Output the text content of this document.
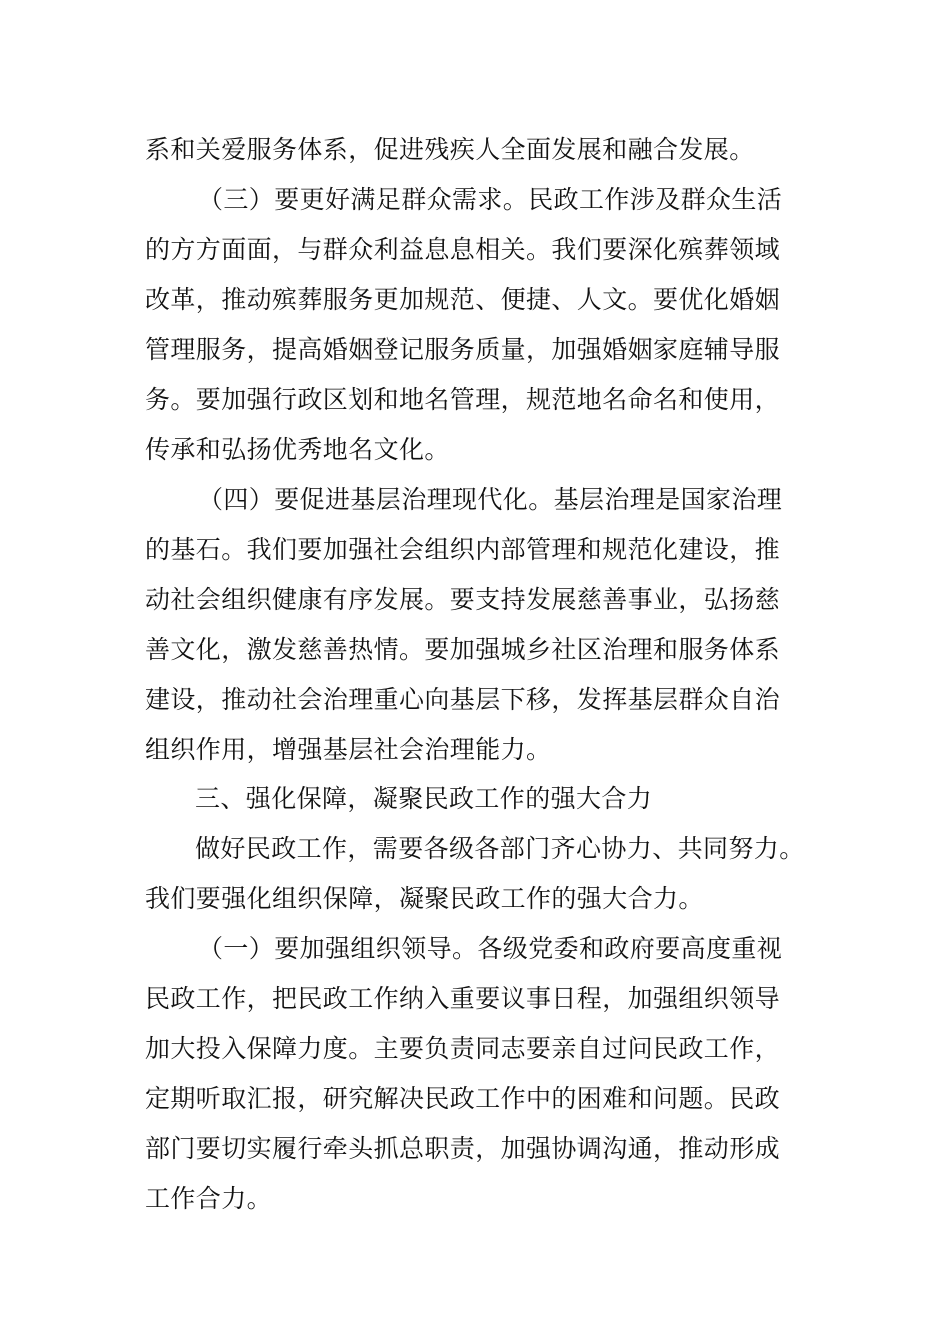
系和关爱服务体系，促进残疾人全面发展和融合发展。
（三）要更好满足群众需求。民政工作涉及群众生活
的方方面面，与群众利益息息相关。我们要深化殡葬领域
改革，推动殡葬服务更加规范、便捷、人文。要优化婚姻
管理服务，提高婚姻登记服务质量，加强婚姻家庭辅导服
务。要加强行政区划和地名管理，规范地名命名和使用，
传承和弘扬优秀地名文化。
（四）要促进基层治理现代化。基层治理是国家治理
的基石。我们要加强社会组织内部管理和规范化建设，推
动社会组织健康有序发展。要支持发展慈善事业，弘扬慈
善文化，激发慈善热情。要加强城乡社区治理和服务体系
建设，推动社会治理重心向基层下移，发挥基层群众自治
组织作用，增强基层社会治理能力。
三、强化保障，凝聚民政工作的强大合力
做好民政工作，需要各级各部门齐心协力、共同努力。
我们要强化组织保障，凝聚民政工作的强大合力。
（一）要加强组织领导。各级党委和政府要高度重视
民政工作，把民政工作纳入重要议事日程，加强组织领导
加大投入保障力度。主要负责同志要亲自过问民政工作，
定期听取汇报，研究解决民政工作中的困难和问题。民政
部门要切实履行牵头抓总职责，加强协调沟通，推动形成
工作合力。
